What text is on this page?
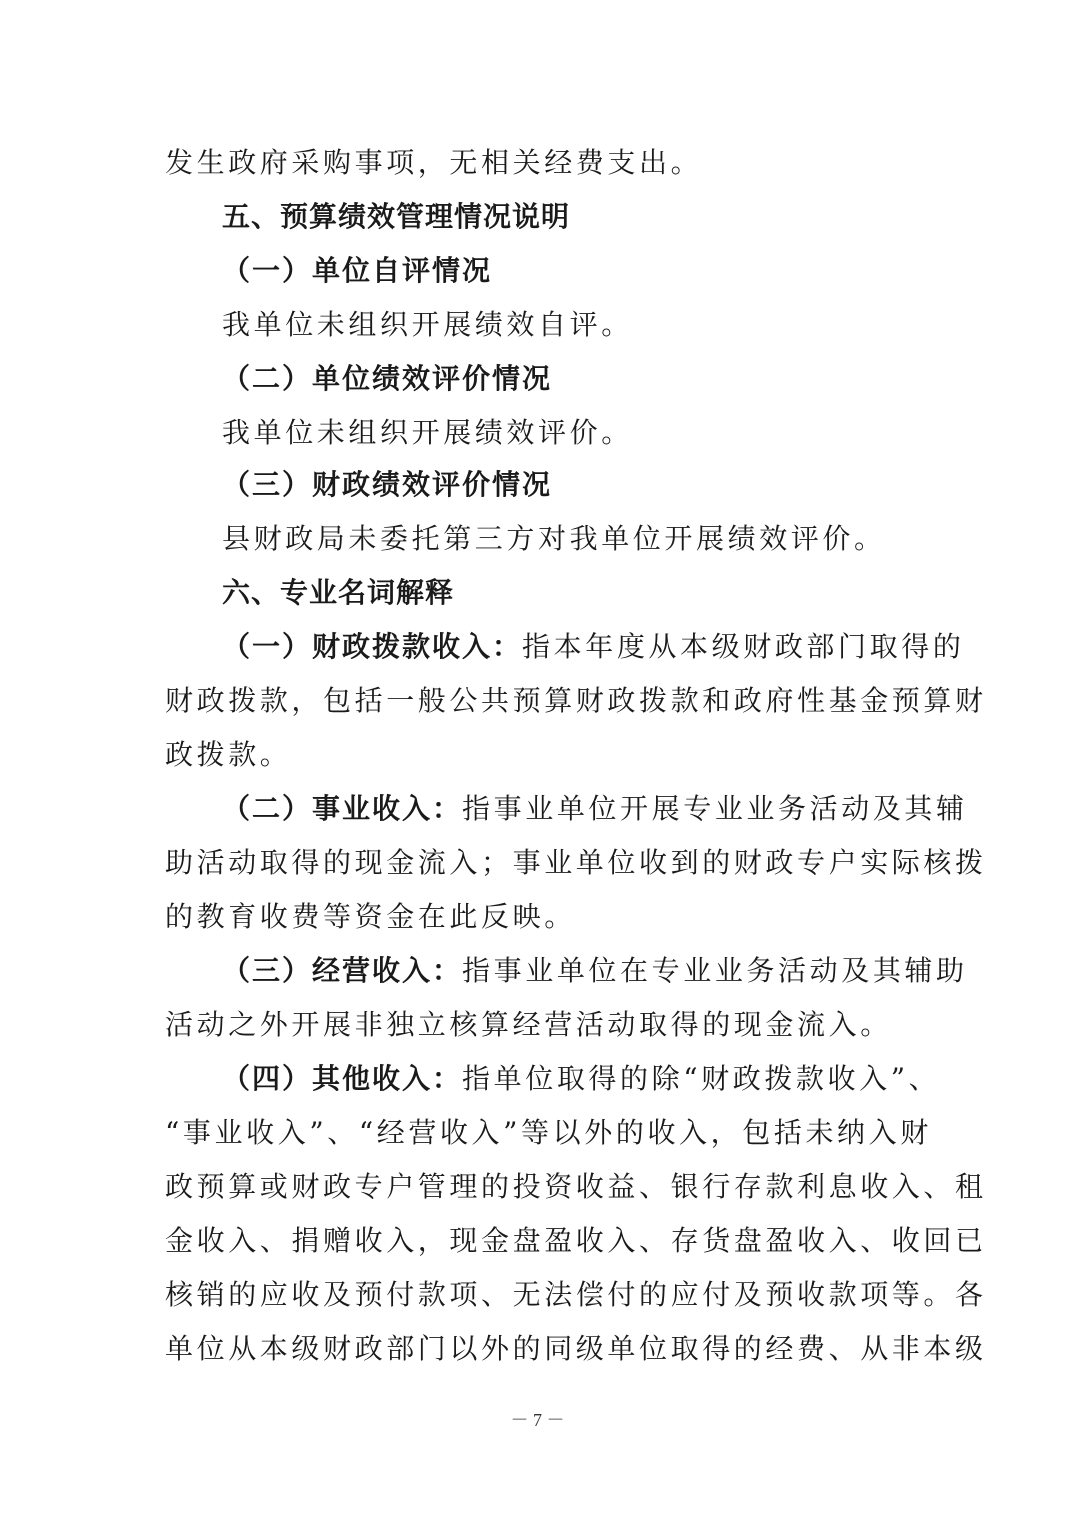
发生政府采购事项，无相关经费支出。
五、预算绩效管理情况说明
（一）单位自评情况
我单位未组织开展绩效自评。
（二）单位绩效评价情况
我单位未组织开展绩效评价。
（三）财政绩效评价情况
县财政局未委托第三方对我单位开展绩效评价。
六、专业名词解释
（一）财政拨款收入：指本年度从本级财政部门取得的
财政拨款，包括一般公共预算财政拨款和政府性基金预算财
政拨款。
（二）事业收入：指事业单位开展专业业务活动及其辅
助活动取得的现金流入；事业单位收到的财政专户实际核拨
的教育收费等资金在此反映。
（三）经营收入：指事业单位在专业业务活动及其辅助
活动之外开展非独立核算经营活动取得的现金流入。
（四）其他收入：指单位取得的除“财政拨款收入”、
“事业收入”、“经营收入”等以外的收入，包括未纳入财
政预算或财政专户管理的投资收益、银行存款利息收入、租
金收入、捐赠收入，现金盘盈收入、存货盘盈收入、收回已
核销的应收及预付款项、无法偿付的应付及预收款项等。各
单位从本级财政部门以外的同级单位取得的经费、从非本级
－ 7 －
